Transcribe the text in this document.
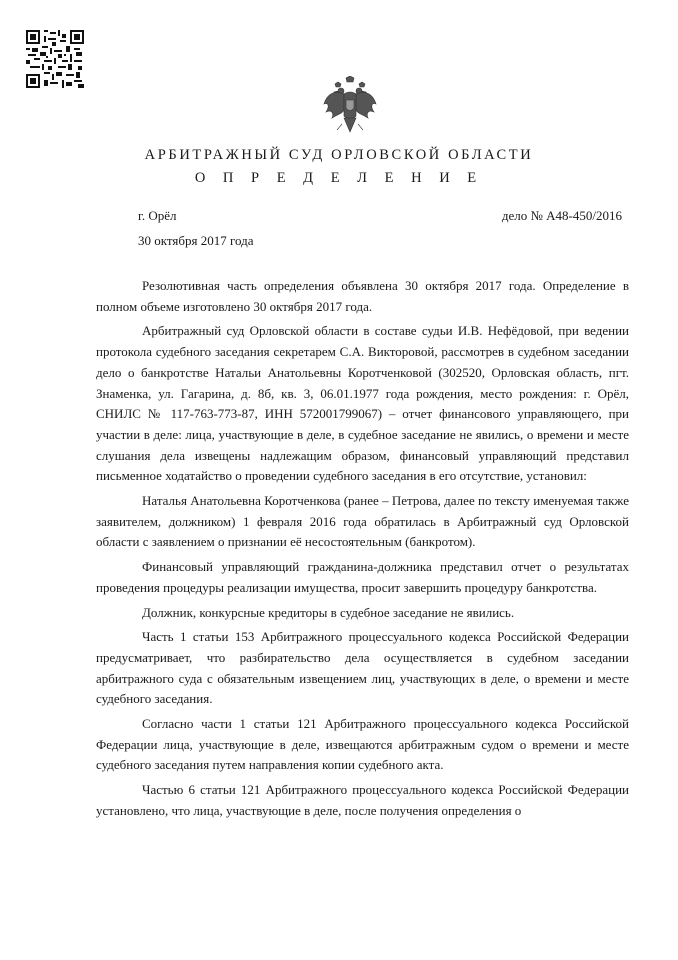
АРБИТРАЖНЫЙ СУД ОРЛОВСКОЙ ОБЛАСТИ
О П Р Е Д Е Л Е Н И Е
г. Орёл	дело № А48-450/2016
30 октября 2017 года

Резолютивная часть определения объявлена 30 октября 2017 года. Определение в полном объеме изготовлено 30 октября 2017 года.

Арбитражный суд Орловской области в составе судьи И.В. Нефёдовой, при ведении протокола судебного заседания секретарем С.А. Викторовой, рассмотрев в судебном заседании дело о банкротстве Натальи Анатольевны Коротченковой (302520, Орловская область, пгт. Знаменка, ул. Гагарина, д. 8б, кв. 3, 06.01.1977 года рождения, место рождения: г. Орёл, СНИЛС № 117-763-773-87, ИНН 572001799067) – отчет финансового управляющего, при участии в деле: лица, участвующие в деле, в судебное заседание не явились, о времени и месте слушания дела извещены надлежащим образом, финансовый управляющий представил письменное ходатайство о проведении судебного заседания в его отсутствие, установил:

Наталья Анатольевна Коротченкова (ранее – Петрова, далее по тексту именуемая также заявителем, должником) 1 февраля 2016 года обратилась в Арбитражный суд Орловской области с заявлением о признании её несостоятельным (банкротом).

Финансовый управляющий гражданина-должника представил отчет о результатах проведения процедуры реализации имущества, просит завершить процедуру банкротства.

Должник, конкурсные кредиторы в судебное заседание не явились.

Часть 1 статьи 153 Арбитражного процессуального кодекса Российской Федерации предусматривает, что разбирательство дела осуществляется в судебном заседании арбитражного суда с обязательным извещением лиц, участвующих в деле, о времени и месте судебного заседания.

Согласно части 1 статьи 121 Арбитражного процессуального кодекса Российской Федерации лица, участвующие в деле, извещаются арбитражным судом о времени и месте судебного заседания путем направления копии судебного акта.

Частью 6 статьи 121 Арбитражного процессуального кодекса Российской Федерации установлено, что лица, участвующие в деле, после получения определения о
